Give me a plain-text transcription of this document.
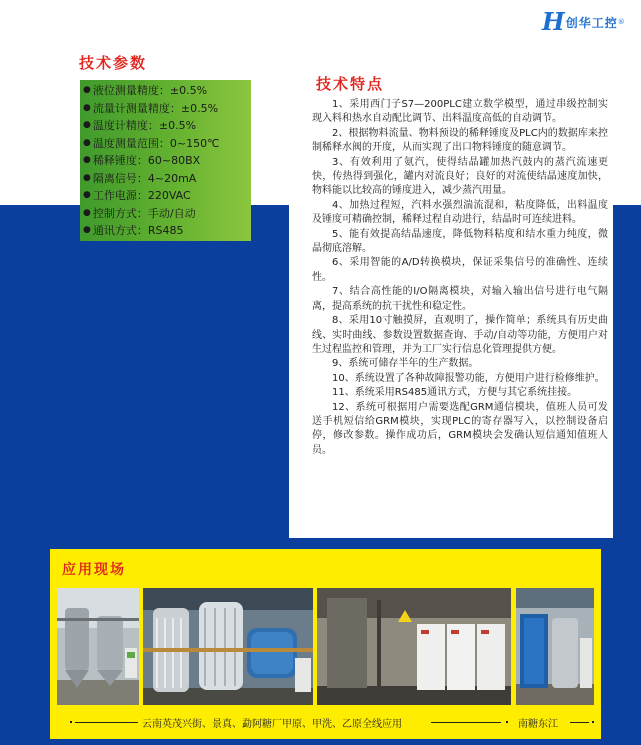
H 创华工控 ®
技术参数
● 液位测量精度：±0.5%
● 流量计测量精度：±0.5%
● 温度计精度：±0.5%
● 温度测量范围：0~150℃
● 稀释锤度：60~80BX
● 隔离信号：4~20mA
● 工作电源：220VAC
● 控制方式：手动/自动
● 通讯方式：RS485
技术特点

1、采用西门子S7—200PLC建立数学模型，通过串级控制实现入料和热水自动配比调节、出料温度高低的自动调节。

2、根据物料流量、物料预设的稀释锤度及PLC内的数据库来控制稀释水阀的开度，从而实现了出口物料锤度的随意调节。

3、有效利用了氨汽，使得结晶罐加热汽鼓内的蒸汽流速更快，传热得到强化，罐内对流良好；良好的对流使结晶速度加快，物料能以比较高的锤度进入，减少蒸汽用量。

4、加热过程短，汽料水强烈湍流混和，粘度降低，出料温度及锤度可精确控制，稀释过程自动进行，结晶时可连续进料。

5、能有效提高结晶速度，降低物料粘度和结水重力纯度，微晶彻底溶解。

6、采用智能的A/D转换模块，保证采集信号的准确性、连续性。

7、结合高性能的I/O隔离模块，对输入输出信号进行电气隔离，提高系统的抗干扰性和稳定性。

8、采用10寸触摸屏，直观明了，操作简单；系统具有历史曲线、实时曲线、参数设置数据查询、手动/自动等功能，方便用户对生过程监控和管理，并为工厂实行信息化管理提供方便。

9、系统可储存半年的生产数据。

10、系统设置了各种故障报警功能，方便用户进行检修维护。

11、系统采用RS485通讯方式，方便与其它系统挂接。

12、系统可根据用户需要选配GRM通信模块，值班人员可发送手机短信给GRM模块，实现PLC的寄存器写入，以控制设备启停，修改参数。操作成功后，GRM模块会发确认短信通知值班人员。

应用现场
云南英茂兴街、景真、勐阿糖厂甲原、甲洗、乙原全线应用	南糖东江
